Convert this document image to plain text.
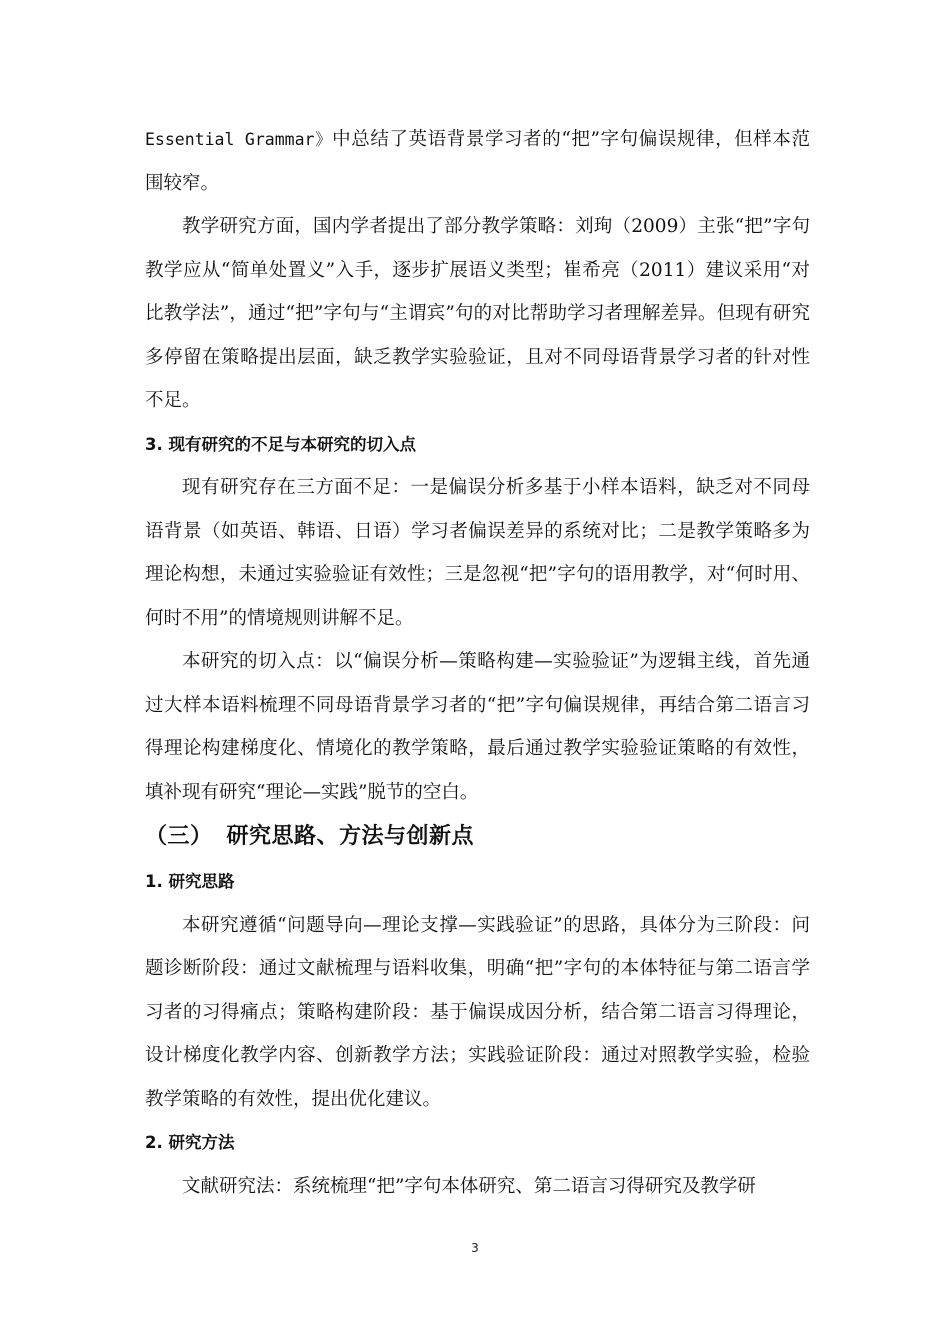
Essential Grammar》中总结了英语背景学习者的“把”字句偏误规律，但样本范围较窄。

教学研究方面，国内学者提出了部分教学策略：刘珣（2009）主张“把”字句教学应从“简单处置义”入手，逐步扩展语义类型；崔希亮（2011）建议采用“对比教学法”，通过“把”字句与“主谓宾”句的对比帮助学习者理解差异。但现有研究多停留在策略提出层面，缺乏教学实验验证，且对不同母语背景学习者的针对性不足。

3. 现有研究的不足与本研究的切入点

现有研究存在三方面不足：一是偏误分析多基于小样本语料，缺乏对不同母语背景（如英语、韩语、日语）学习者偏误差异的系统对比；二是教学策略多为理论构想，未通过实验验证有效性；三是忽视“把”字句的语用教学，对“何时用、何时不用”的情境规则讲解不足。

本研究的切入点：以“偏误分析—策略构建—实验验证”为逻辑主线，首先通过大样本语料梳理不同母语背景学习者的“把”字句偏误规律，再结合第二语言习得理论构建梯度化、情境化的教学策略，最后通过教学实验验证策略的有效性，填补现有研究“理论—实践”脱节的空白。

（三） 研究思路、方法与创新点

1. 研究思路

本研究遵循“问题导向—理论支撑—实践验证”的思路，具体分为三阶段：问题诊断阶段：通过文献梳理与语料收集，明确“把”字句的本体特征与第二语言学习者的习得痛点；策略构建阶段：基于偏误成因分析，结合第二语言习得理论，设计梯度化教学内容、创新教学方法；实践验证阶段：通过对照教学实验，检验教学策略的有效性，提出优化建议。

2. 研究方法

文献研究法：系统梳理“把”字句本体研究、第二语言习得研究及教学研

3
